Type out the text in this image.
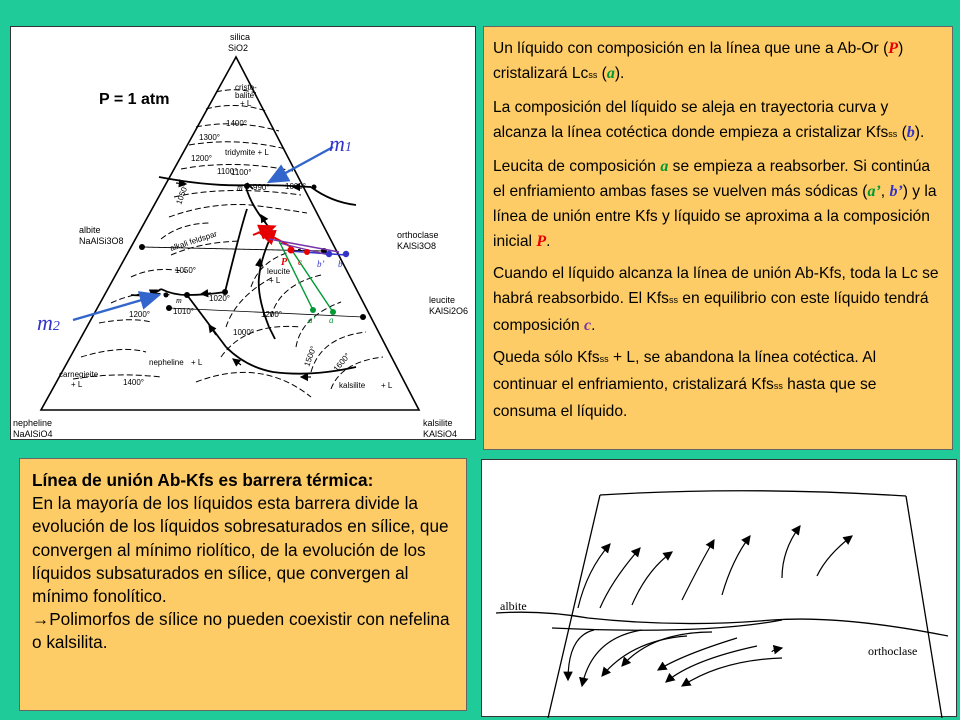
silica
SiO2
nepheline
NaAlSiO4
kalsilite
KAlSiO4
albite
NaAlSi3O8
orthoclase
KAlSi3O8
leucite
KAlSi2O6
cristo-
balite
+ L
tridymite + L
alkali feldspar
leucite
+ L
nepheline + L
carnegieite
+ L	kalsilite + L
1400°
1300°
1200°
1100°
1050°	1000°
990°
1050°
1020°
1010°
1200°
1400°
1500° 1600°
1000°
1100°
1200°
m
m
P = 1 atm
m1
m2
P c b’ b
a’ a

Un líquido con composición en la línea que une a Ab-Or (P) cristalizará Lcss (a).

La composición del líquido se aleja en trayectoria curva y alcanza la línea cotéctica donde empieza a cristalizar Kfsss (b).

Leucita de composición a se empieza a reabsorber. Si continúa el enfriamiento ambas fases se vuelven más sódicas (a’, b’) y la línea de unión entre Kfs y líquido se aproxima a la composición inicial P.

Cuando el líquido alcanza la línea de unión Ab-Kfs, toda la Lc se habrá reabsorbido. El Kfsss en equilibrio con este líquido tendrá composición c.

Queda sólo Kfsss + L, se abandona la línea cotéctica. Al continuar el enfriamiento, cristalizará Kfsss hasta que se consuma el líquido.

Línea de unión Ab-Kfs es barrera térmica:
En la mayoría de los líquidos esta barrera divide la evolución de los líquidos sobresaturados en sílice, que convergen al mínimo riolítico, de la evolución de los líquidos subsaturados en sílice, que convergen al mínimo fonolítico.
→Polimorfos de sílice no pueden coexistir con nefelina o kalsilita.
albite
orthoclase
